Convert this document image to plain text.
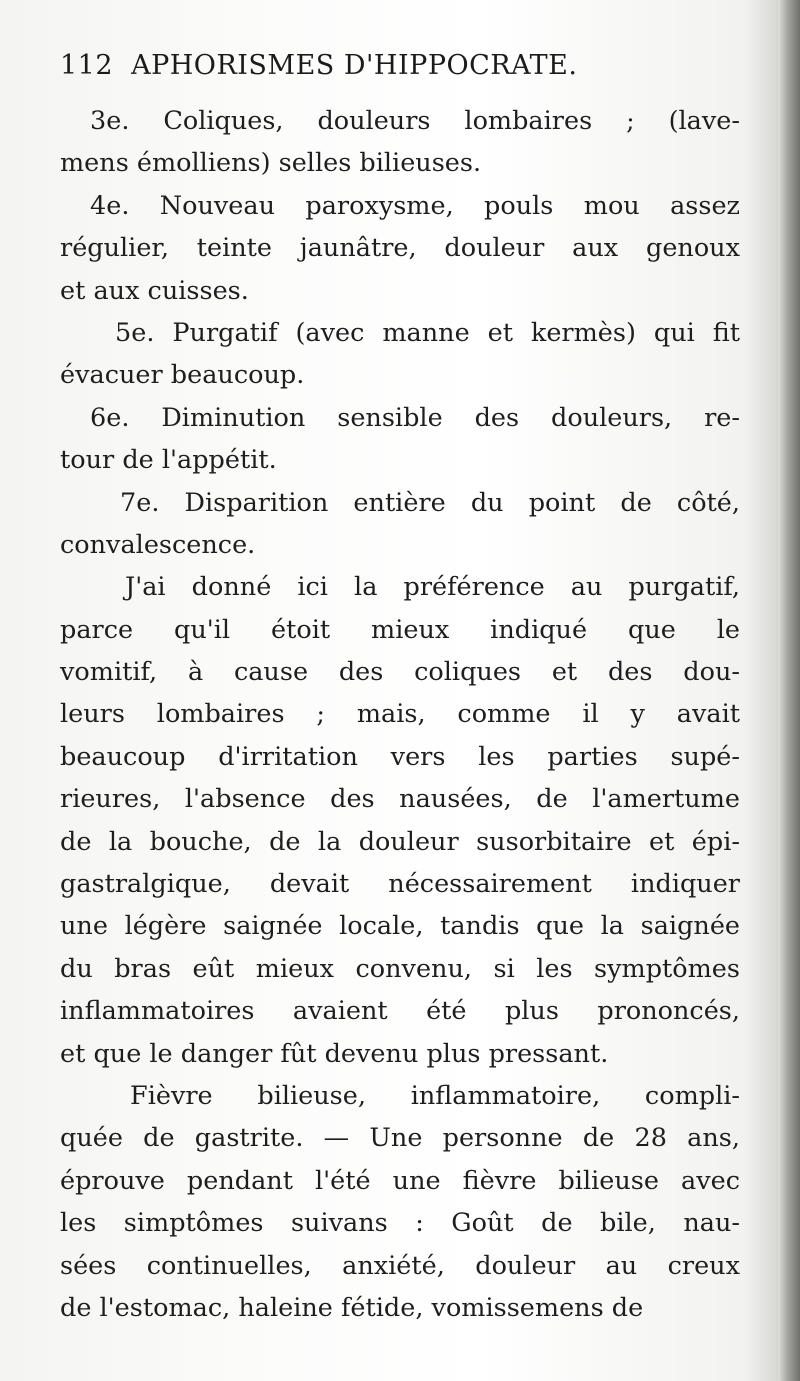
112 APHORISMES D'HIPPOCRATE.

3e. Coliques, douleurs lombaires ; (lave-
mens émolliens) selles bilieuses.

4e. Nouveau paroxysme, pouls mou assez
régulier, teinte jaunâtre, douleur aux genoux
et aux cuisses.

5e. Purgatif (avec manne et kermès) qui fit
évacuer beaucoup.

6e. Diminution sensible des douleurs, re-
tour de l'appétit.

7e. Disparition entière du point de côté,
convalescence.

J'ai donné ici la préférence au purgatif,
parce qu'il étoit mieux indiqué que le
vomitif, à cause des coliques et des dou-
leurs lombaires ; mais, comme il y avait
beaucoup d'irritation vers les parties supé-
rieures, l'absence des nausées, de l'amertume
de la bouche, de la douleur susorbitaire et épi-
gastralgique, devait nécessairement indiquer
une légère saignée locale, tandis que la saignée
du bras eût mieux convenu, si les symptômes
inflammatoires avaient été plus prononcés,
et que le danger fût devenu plus pressant.

Fièvre bilieuse, inflammatoire, compli-
quée de gastrite. — Une personne de 28 ans,
éprouve pendant l'été une fièvre bilieuse avec
les simptômes suivans : Goût de bile, nau-
sées continuelles, anxiété, douleur au creux
de l'estomac, haleine fétide, vomissemens de
